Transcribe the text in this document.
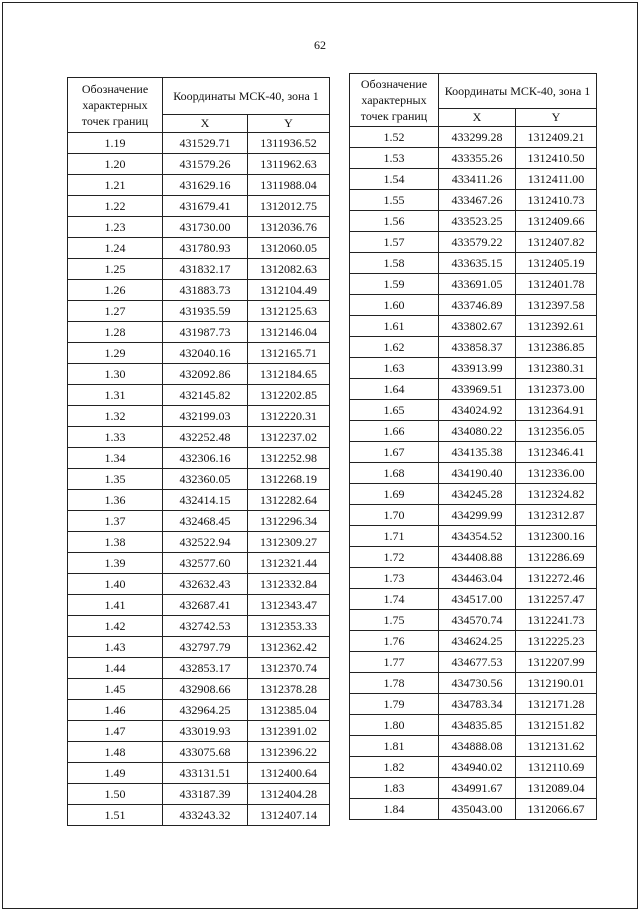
62
Обозначение характерных точек границ	Координаты МСК-40, зона 1	
	X	Y
1.19	431529.71	1311936.52
1.20	431579.26	1311962.63
1.21	431629.16	1311988.04
1.22	431679.41	1312012.75
1.23	431730.00	1312036.76
1.24	431780.93	1312060.05
1.25	431832.17	1312082.63
1.26	431883.73	1312104.49
1.27	431935.59	1312125.63
1.28	431987.73	1312146.04
1.29	432040.16	1312165.71
1.30	432092.86	1312184.65
1.31	432145.82	1312202.85
1.32	432199.03	1312220.31
1.33	432252.48	1312237.02
1.34	432306.16	1312252.98
1.35	432360.05	1312268.19
1.36	432414.15	1312282.64
1.37	432468.45	1312296.34
1.38	432522.94	1312309.27
1.39	432577.60	1312321.44
1.40	432632.43	1312332.84
1.41	432687.41	1312343.47
1.42	432742.53	1312353.33
1.43	432797.79	1312362.42
1.44	432853.17	1312370.74
1.45	432908.66	1312378.28
1.46	432964.25	1312385.04
1.47	433019.93	1312391.02
1.48	433075.68	1312396.22
1.49	433131.51	1312400.64
1.50	433187.39	1312404.28
1.51	433243.32	1312407.14
Обозначение характерных точек границ	Координаты МСК-40, зона 1	
	X	Y
1.52	433299.28	1312409.21
1.53	433355.26	1312410.50
1.54	433411.26	1312411.00
1.55	433467.26	1312410.73
1.56	433523.25	1312409.66
1.57	433579.22	1312407.82
1.58	433635.15	1312405.19
1.59	433691.05	1312401.78
1.60	433746.89	1312397.58
1.61	433802.67	1312392.61
1.62	433858.37	1312386.85
1.63	433913.99	1312380.31
1.64	433969.51	1312373.00
1.65	434024.92	1312364.91
1.66	434080.22	1312356.05
1.67	434135.38	1312346.41
1.68	434190.40	1312336.00
1.69	434245.28	1312324.82
1.70	434299.99	1312312.87
1.71	434354.52	1312300.16
1.72	434408.88	1312286.69
1.73	434463.04	1312272.46
1.74	434517.00	1312257.47
1.75	434570.74	1312241.73
1.76	434624.25	1312225.23
1.77	434677.53	1312207.99
1.78	434730.56	1312190.01
1.79	434783.34	1312171.28
1.80	434835.85	1312151.82
1.81	434888.08	1312131.62
1.82	434940.02	1312110.69
1.83	434991.67	1312089.04
1.84	435043.00	1312066.67
